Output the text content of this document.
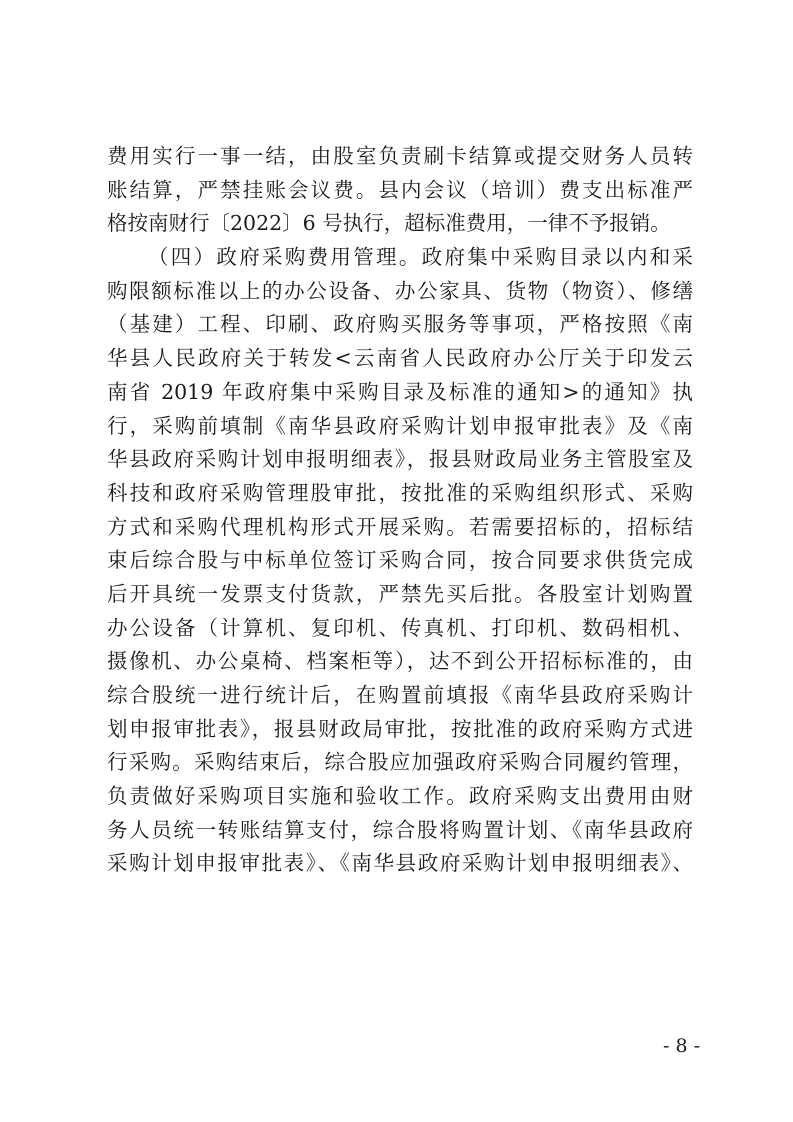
费用实行一事一结，由股室负责刷卡结算或提交财务人员转
账结算，严禁挂账会议费。县内会议（培训）费支出标准严
格按南财行〔2022〕6 号执行，超标准费用，一律不予报销。
（四）政府采购费用管理。政府集中采购目录以内和采
购限额标准以上的办公设备、办公家具、货物（物资）、修缮
（基建）工程、印刷、政府购买服务等事项，严格按照《南
华县人民政府关于转发<云南省人民政府办公厅关于印发云
南省 2019 年政府集中采购目录及标准的通知>的通知》执
行，采购前填制《南华县政府采购计划申报审批表》及《南
华县政府采购计划申报明细表》，报县财政局业务主管股室及
科技和政府采购管理股审批，按批准的采购组织形式、采购
方式和采购代理机构形式开展采购。若需要招标的，招标结
束后综合股与中标单位签订采购合同，按合同要求供货完成
后开具统一发票支付货款，严禁先买后批。各股室计划购置
办公设备（计算机、复印机、传真机、打印机、数码相机、
摄像机、办公桌椅、档案柜等），达不到公开招标标准的，由
综合股统一进行统计后，在购置前填报《南华县政府采购计
划申报审批表》，报县财政局审批，按批准的政府采购方式进
行采购。采购结束后，综合股应加强政府采购合同履约管理，
负责做好采购项目实施和验收工作。政府采购支出费用由财
务人员统一转账结算支付，综合股将购置计划、《南华县政府
采购计划申报审批表》、《南华县政府采购计划申报明细表》、
- 8 -
